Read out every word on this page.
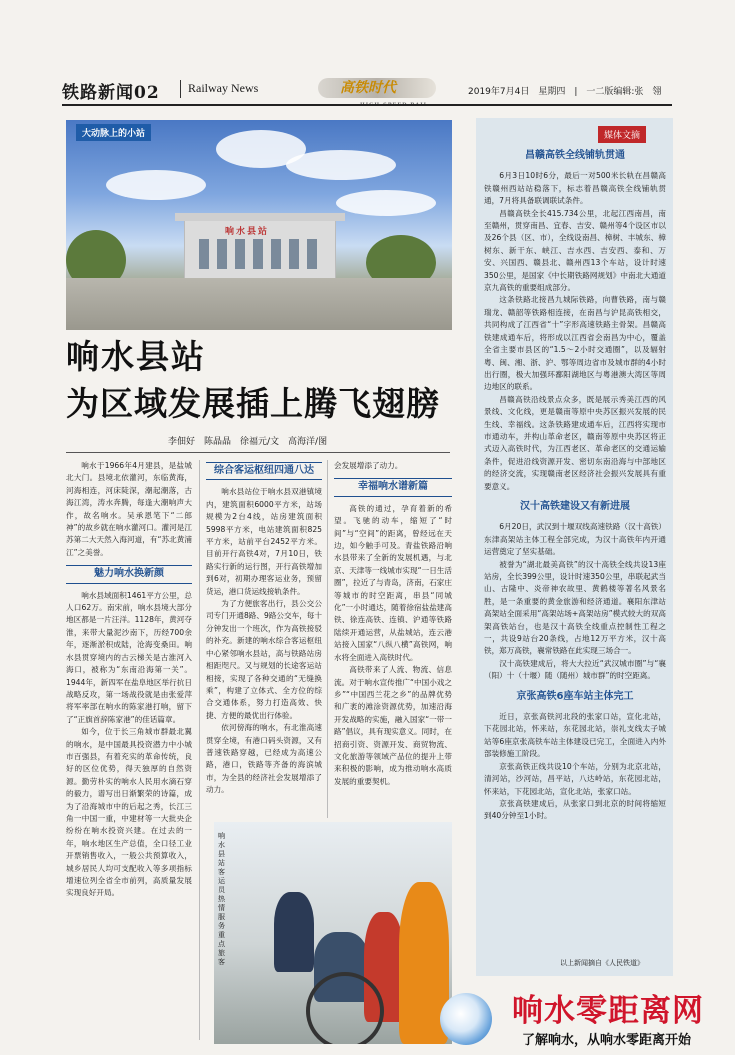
铁路新闻02 Railway News	高铁时代	2019年7月4日　星期四　|　一二版编辑:张　翎
响水县站
大动脉上的小站
响水县站
为区域发展插上腾飞翅膀
李佃好　陈晶晶　徐福元/文　高海洋/图

响水于1966年4月建县，是盐城北大门。县境北依灌河，东临黄海，河海相连，河床陡深，潮起潮落，古海江湾，涛水奔腾，每逢大潮响声大作，故名响水。吴承恩笔下“二郎神”的故乡就在响水灌河口。灌河是江苏第二大天然入海河道，有“苏北黄浦江”之美誉。

魅力响水换新颜

响水县域面积1461平方公里，总人口62万。南宋前，响水县境大部分地区都是一片汪洋。1128年，黄河夺淮，来带大量泥沙南下，历经700余年，逐渐淤积成陆，沧海变桑田。响水县贯穿境内的古云梯关是古淮河入海口，被称为“东南沿海第一关”。1944年，新四军在盐阜地区举行抗日战略反攻，第一场战役就是由张爱萍将军率部在响水的陈家港打响，留下了“正旗首辞陈家港”的佳话篇章。

如今，位于长三角城市群最北翼的响水，是中国最具投资潜力中小城市百强县，有着充实的革命传统，良好的区位优势，得天独厚的自然资源。勤劳朴实的响水人民用水滴石穿的毅力，谱写出日渐繁荣的诗篇，成为了沿海城市中的后起之秀，长江三角一中国一重，中建材等一大批央企纷纷在响水投资兴建。在过去的一年，响水地区生产总值，全口径工业开票销售收入，一般公共预算收入，城乡居民人均可支配收入等多项指标增速位列全省全市前列，高质量发展实现良好开局。

综合客运枢纽四通八达

响水县站位于响水县双港镇境内，建筑面积6000平方米，站场规模为2台4线，站房建筑面积5998平方米，电站建筑面积825平方米，站前平台2452平方米。目前开行高铁4对，7月10日，铁路实行新的运行图，开行高铁增加到6对，初期办理客运业务，预留货运，港口货运线接轨条件。

为了方便旅客出行，县公交公司专门开通8路、9路公交车，每十分钟发出一个班次，作为高铁接驳的补充。新建的响水综合客运枢纽中心紧邻响水县站，高与铁路站房相距咫尺。又与规划的长途客运站相接，实现了各种交通的“无缝换乘”，构建了立体式、全方位的综合交通体系，努力打造高效、快捷、方便的最优出行体验。

依河傍海的响水，有北淮高速贯穿全境，有港口码头资源，又有普速铁路穿越，已经成为高速公路，港口，铁路等齐备的海滨城市，为全县的经济社会发展增添了动力。

会发展增添了动力。

幸福响水谱新篇

高铁的通过，孕育着新的希望。飞驰的动车，缩短了“时间”与“空间”的距离，曾经远在天边，如今触手可及。青盐铁路沿响水县带来了全新的发展机遇，与北京、天津等一线城市实现“一日生活圈”，拉近了与青岛，济南，石家庄等城市的时空距离，串县“同城化”一小时通达，随着徐宿盐盐建高铁、徐连高铁、连镇、沪通等铁路陆续开通运营，从盐城站，连云港站接入国家“八纵八横”高铁网，响水将全面进入高铁时代。

高铁带来了人流、物流、信息流。对于响水宣传推广“中国小戏之乡”“中国西兰花之乡”的品牌优势和广袤的滩涂资源优势，加速沿海开发战略的实施，融入国家“一带一路”倡议，具有现实意义。同时，在招商引资、资源开发、商贸物流、文化旅游等领域产品位的提升上带来积极的影响，成为推动响水高质发展的重要契机。

响水县站客运员热情服务重点旅客
媒体文摘
昌赣高铁全线铺轨贯通

6月3日10时6分，最后一对500米长轨在昌赣高铁赣州西站站稳落下，标志着昌赣高铁全线铺轨贯通，7月将具备联调联试条件。

昌赣高铁全长415.734公里，北起江西南昌，南至赣州，贯穿南昌、宜春、吉安、赣州等4个设区市以及26个县（区、市），全线设南昌、樟树、丰城东、樟树东、新干东、峡江、吉水西、吉安西、泰和、万安、兴国西、赣县北、赣州西13个车站，设计时速350公里，是国家《中长期铁路网规划》中南北大通道京九高铁的重要组成部分。

这条铁路北接昌九城际铁路，向曹铁路，南与赣瑞龙、赣韶等铁路相连接，在南昌与沪昆高铁相交，共同构成了江西省“十”字形高速铁路主骨架。昌赣高铁建成通车后，将形成以江西省会南昌为中心，覆盖全省主要市县区的“1.5～2小时交通圈”，以及辐射粤、闽、湘、浙、沪、鄂等周边省市及城市群的4小时出行圈，极大加强环鄱阳湖地区与粤港澳大湾区等周边地区的联系。

昌赣高铁沿线景点众多，既是展示秀美江西的风景线、文化线，更是赣南等原中央苏区振兴发展的民生线、幸福线。这条铁路建成通车后，江西将实现市市通动车，并构山革命老区，赣南等原中央苏区将正式迈入高铁时代，为江西老区、革命老区的交通运输条件，促进沿线资源开发、密切东南沿海与中部地区的经济交流，实现赣南老区经济社会振兴发展具有重要意义。

汉十高铁建设又有新进展

6月20日，武汉到十堰双线高速铁路（汉十高铁）东津高架站主体工程全部完成，为汉十高铁年内开通运营奠定了坚实基础。

被誉为“湖北最美高铁”的汉十高铁全线共设13座站房，全长399公里，设计时速350公里，串联起武当山、古隆中、炎帝神农故里、黄鹤楼等著名风景名胜，是一条重要的黄金旅游和经济通道。襄阳东津站高架站全面采用“高架站场+高架站房”模式较大的双高架高铁站台，也是汉十高铁全线重点控制性工程之一，共设9站台20条线，占地12万平方米，汉十高铁，郑万高铁，襄常铁路在此实现三场合一。

汉十高铁建成后，将大大拉近“武汉城市圈”与“襄（阳）十（十堰）随（随州）城市群”的时空距离。

京张高铁6座车站主体完工

近日，京张高铁河北段的张家口站，宣化北站，下花园北站，怀来站，东花园北站，崇礼支线太子城站等6座京张高铁车站主体建设已完工，全面进入内外部装修施工阶段。

京张高铁正线共设10个车站，分别为北京北站，清河站，沙河站，昌平站，八达岭站，东花园北站，怀来站，下花园北站，宣化北站，张家口站。

京张高铁建成后，从张家口到北京的时间将缩短到40分钟至1小时。

以上新闻摘自《人民铁道》
响水零距离网
了解响水，从响水零距离开始
